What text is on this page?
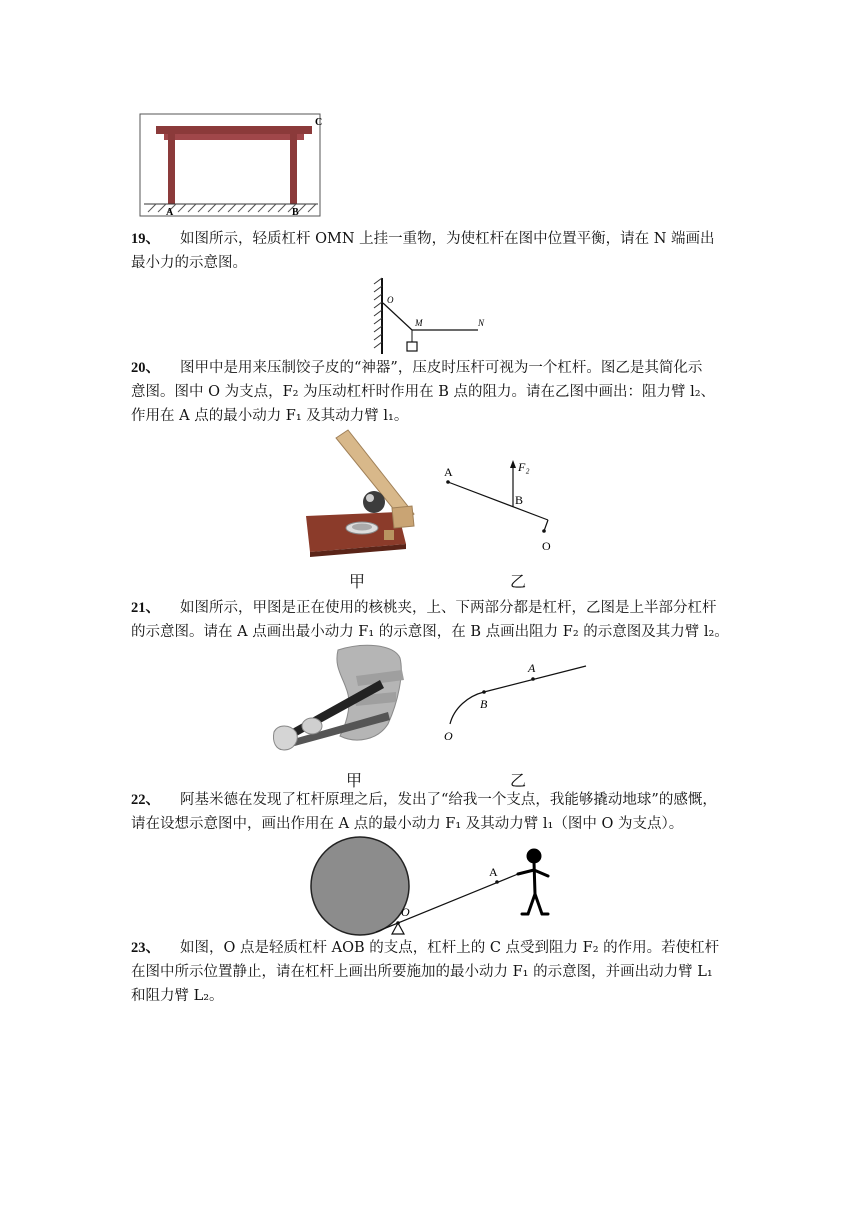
A	B
C
19、 如图所示，轻质杠杆 OMN 上挂一重物，为使杠杆在图中位置平衡，请在 N 端画出
最小力的示意图。
O
M	N
20、 图甲中是用来压制饺子皮的“神器”，压皮时压杆可视为一个杠杆。图乙是其简化示
意图。图中 O 为支点，F₂ 为压动杠杆时作用在 B 点的阻力。请在乙图中画出：阻力臂 l₂、
作用在 A 点的最小动力 F₁ 及其动力臂 l₁。
A
B
O
F₂
甲	乙
21、 如图所示，甲图是正在使用的核桃夹，上、下两部分都是杠杆，乙图是上半部分杠杆
的示意图。请在 A 点画出最小动力 F₁ 的示意图，在 B 点画出阻力 F₂ 的示意图及其力臂 l₂。
A
B
O
甲	乙
22、 阿基米德在发现了杠杆原理之后，发出了“给我一个支点，我能够撬动地球”的感慨，
请在设想示意图中，画出作用在 A 点的最小动力 F₁ 及其动力臂 l₁（图中 O 为支点）。
A
O
23、 如图，O 点是轻质杠杆 AOB 的支点，杠杆上的 C 点受到阻力 F₂ 的作用。若使杠杆
在图中所示位置静止，请在杠杆上画出所要施加的最小动力 F₁ 的示意图，并画出动力臂 L₁
和阻力臂 L₂。
